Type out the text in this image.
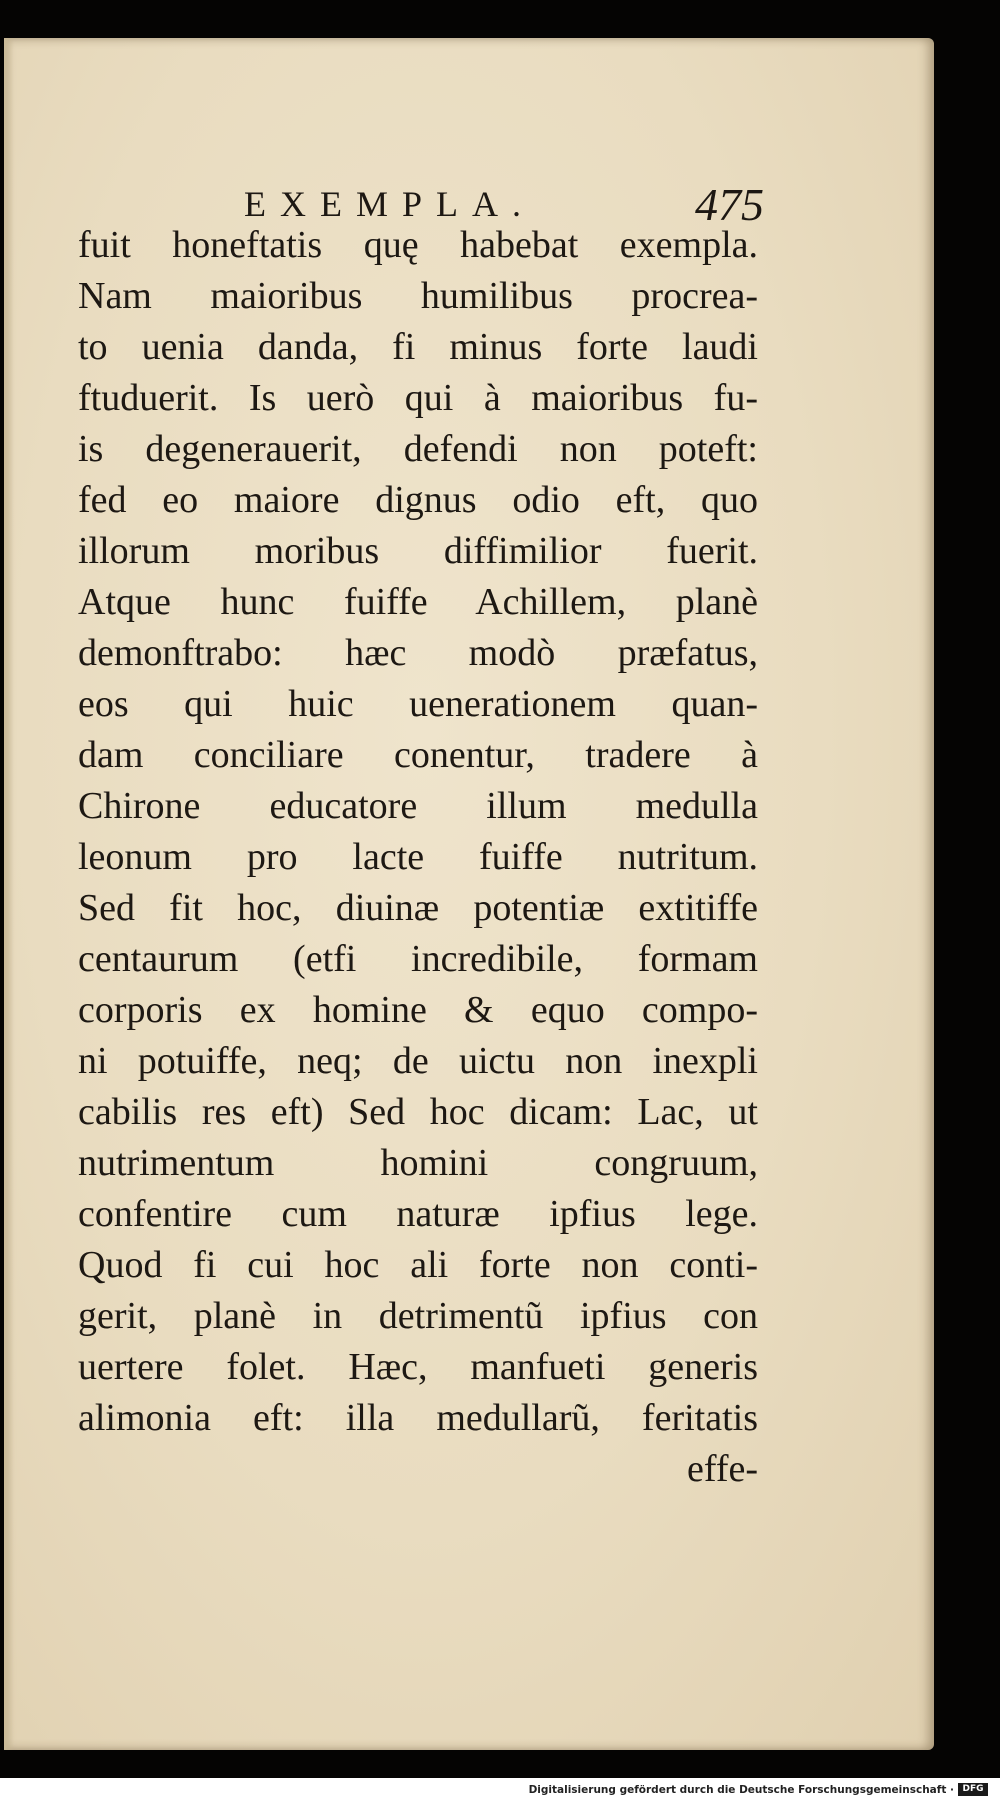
EXEMPLA.	475
fuit honeftatis quę habebat exempla.
Nam maioribus humilibus procrea-
to uenia danda, fi minus forte laudi
ftuduerit. Is uerò qui à maioribus fu-
is degenerauerit, defendi non poteft:
fed eo maiore dignus odio eft, quo
illorum moribus diffimilior fuerit.
Atque hunc fuiffe Achillem, planè
demonftrabo: hæc modò præfatus,
eos qui huic uenerationem quan-
dam conciliare conentur, tradere à
Chirone educatore illum medulla
leonum pro lacte fuiffe nutritum.
Sed fit hoc, diuinæ potentiæ extitiffe
centaurum (etfi incredibile, formam
corporis ex homine & equo compo-
ni potuiffe, neq; de uictu non inexpli
cabilis res eft) Sed hoc dicam: Lac, ut
nutrimentum homini congruum,
confentire cum naturæ ipfius lege.
Quod fi cui hoc ali forte non conti-
gerit, planè in detrimentũ ipfius con
uertere folet. Hæc, manfueti generis
alimonia eft: illa medullarũ, feritatis
effe-
Digitalisierung gefördert durch die Deutsche Forschungsgemeinschaft · DFG
